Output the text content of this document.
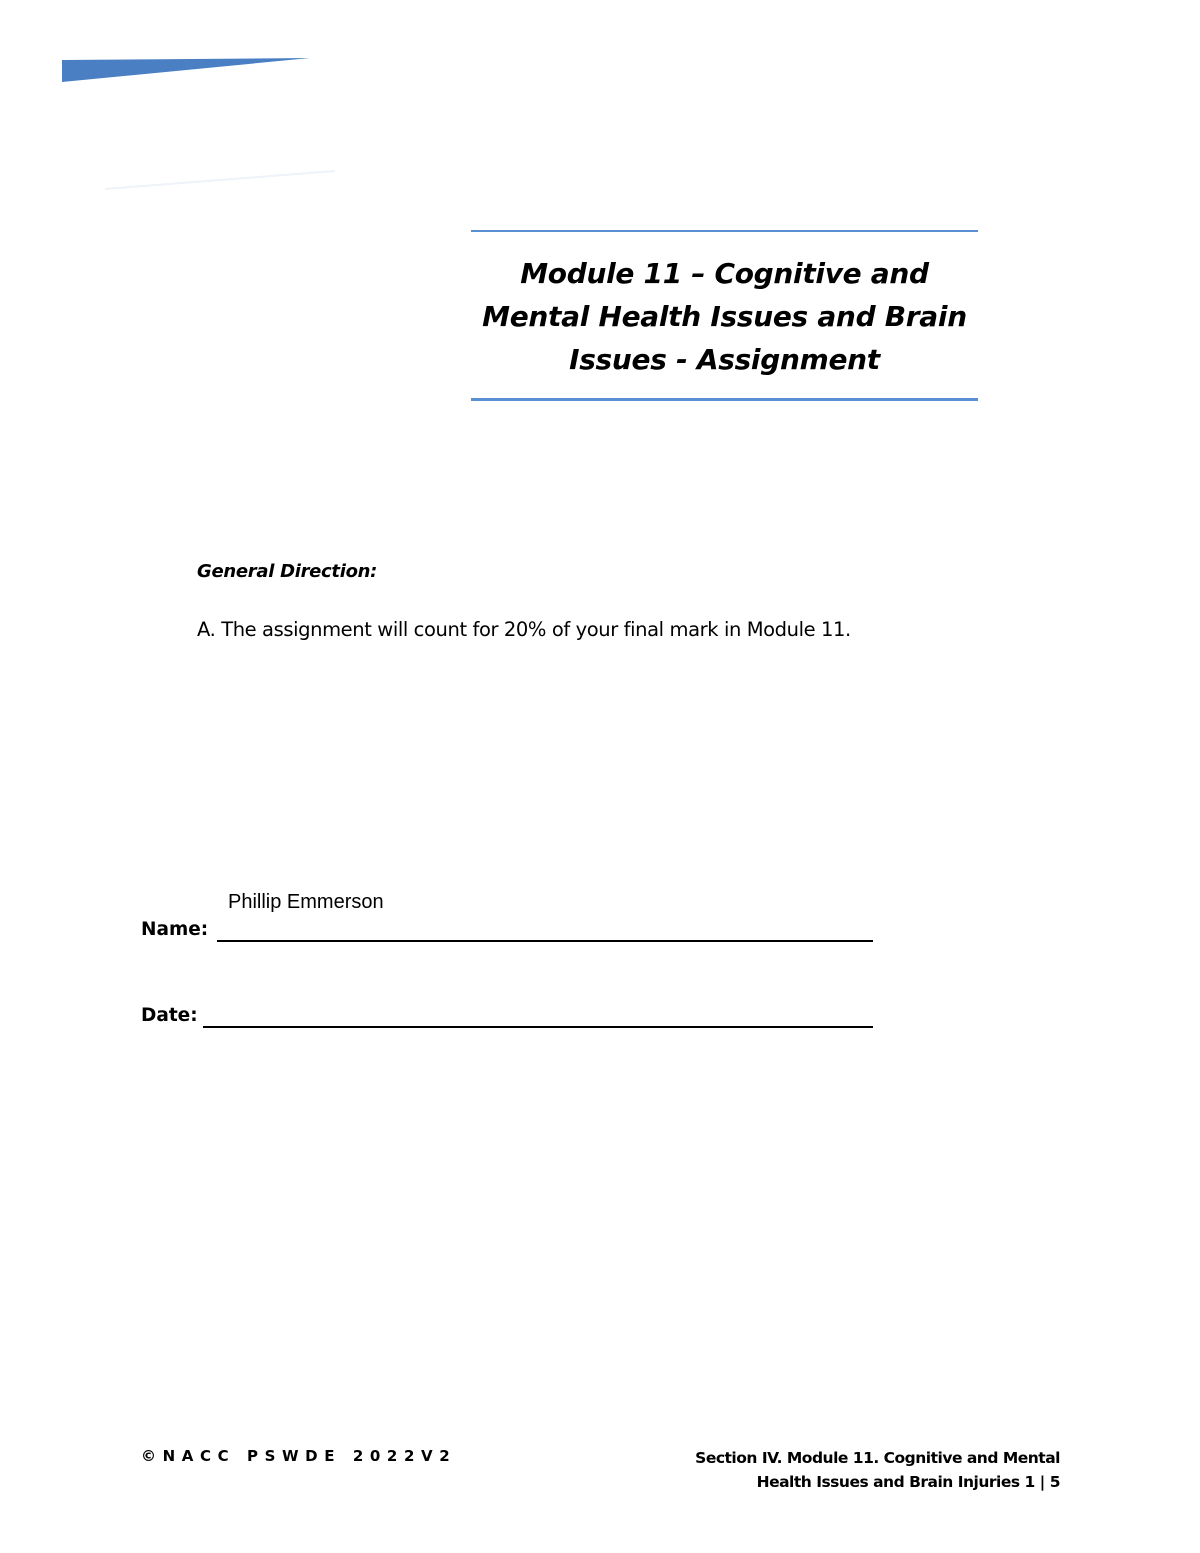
Module 11 – Cognitive and
Mental Health Issues and Brain
Issues - Assignment
General Direction:
A. The assignment will count for 20% of your final mark in Module 11.
Phillip Emmerson
Name:
Date:
©NACC PSWDE 2022V2	Section IV. Module 11. Cognitive and Mental
Health Issues and Brain Injuries 1 | 5
